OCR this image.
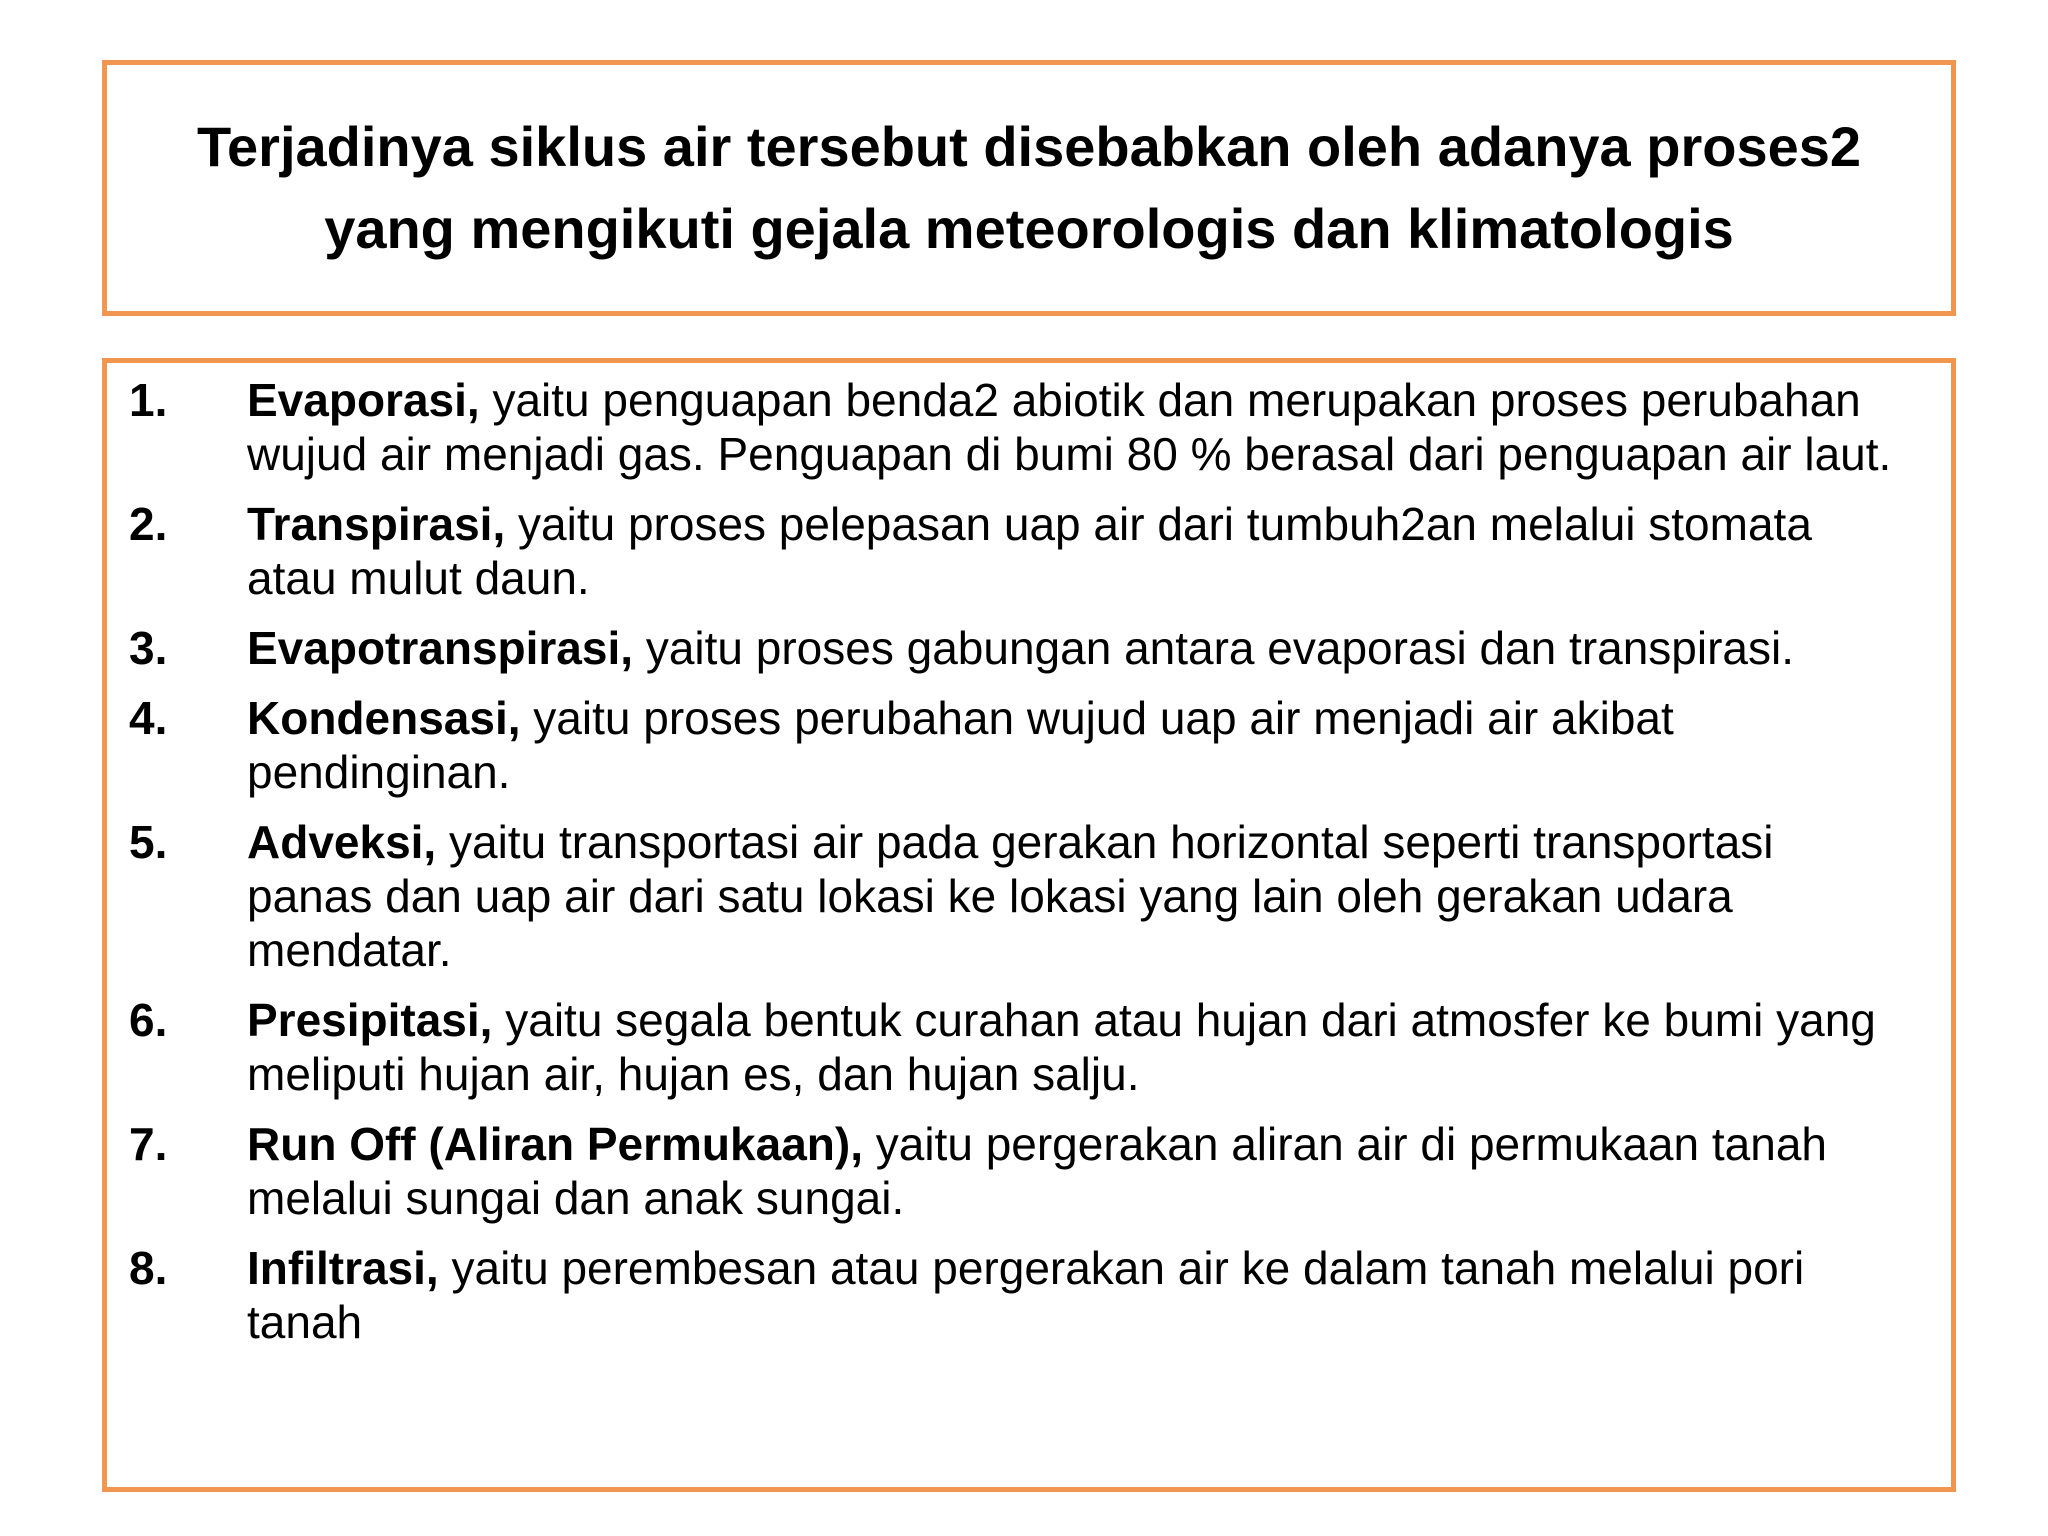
Terjadinya siklus air tersebut disebabkan oleh adanya proses2
yang mengikuti gejala meteorologis dan klimatologis
1. Evaporasi, yaitu penguapan benda2 abiotik dan merupakan proses perubahan wujud air menjadi gas. Penguapan di bumi 80 % berasal dari penguapan air laut.
2. Transpirasi, yaitu proses pelepasan uap air dari tumbuh2an melalui stomata atau mulut daun.
3. Evapotranspirasi, yaitu proses gabungan antara evaporasi dan transpirasi.
4. Kondensasi, yaitu proses perubahan wujud uap air menjadi air akibat pendinginan.
5. Adveksi, yaitu transportasi air pada gerakan horizontal seperti transportasi panas dan uap air dari satu lokasi ke lokasi yang lain oleh gerakan udara mendatar.
6. Presipitasi, yaitu segala bentuk curahan atau hujan dari atmosfer ke bumi yang meliputi hujan air, hujan es, dan hujan salju.
7. Run Off (Aliran Permukaan), yaitu pergerakan aliran air di permukaan tanah melalui sungai dan anak sungai.
8. Infiltrasi, yaitu perembesan atau pergerakan air ke dalam tanah melalui pori tanah
